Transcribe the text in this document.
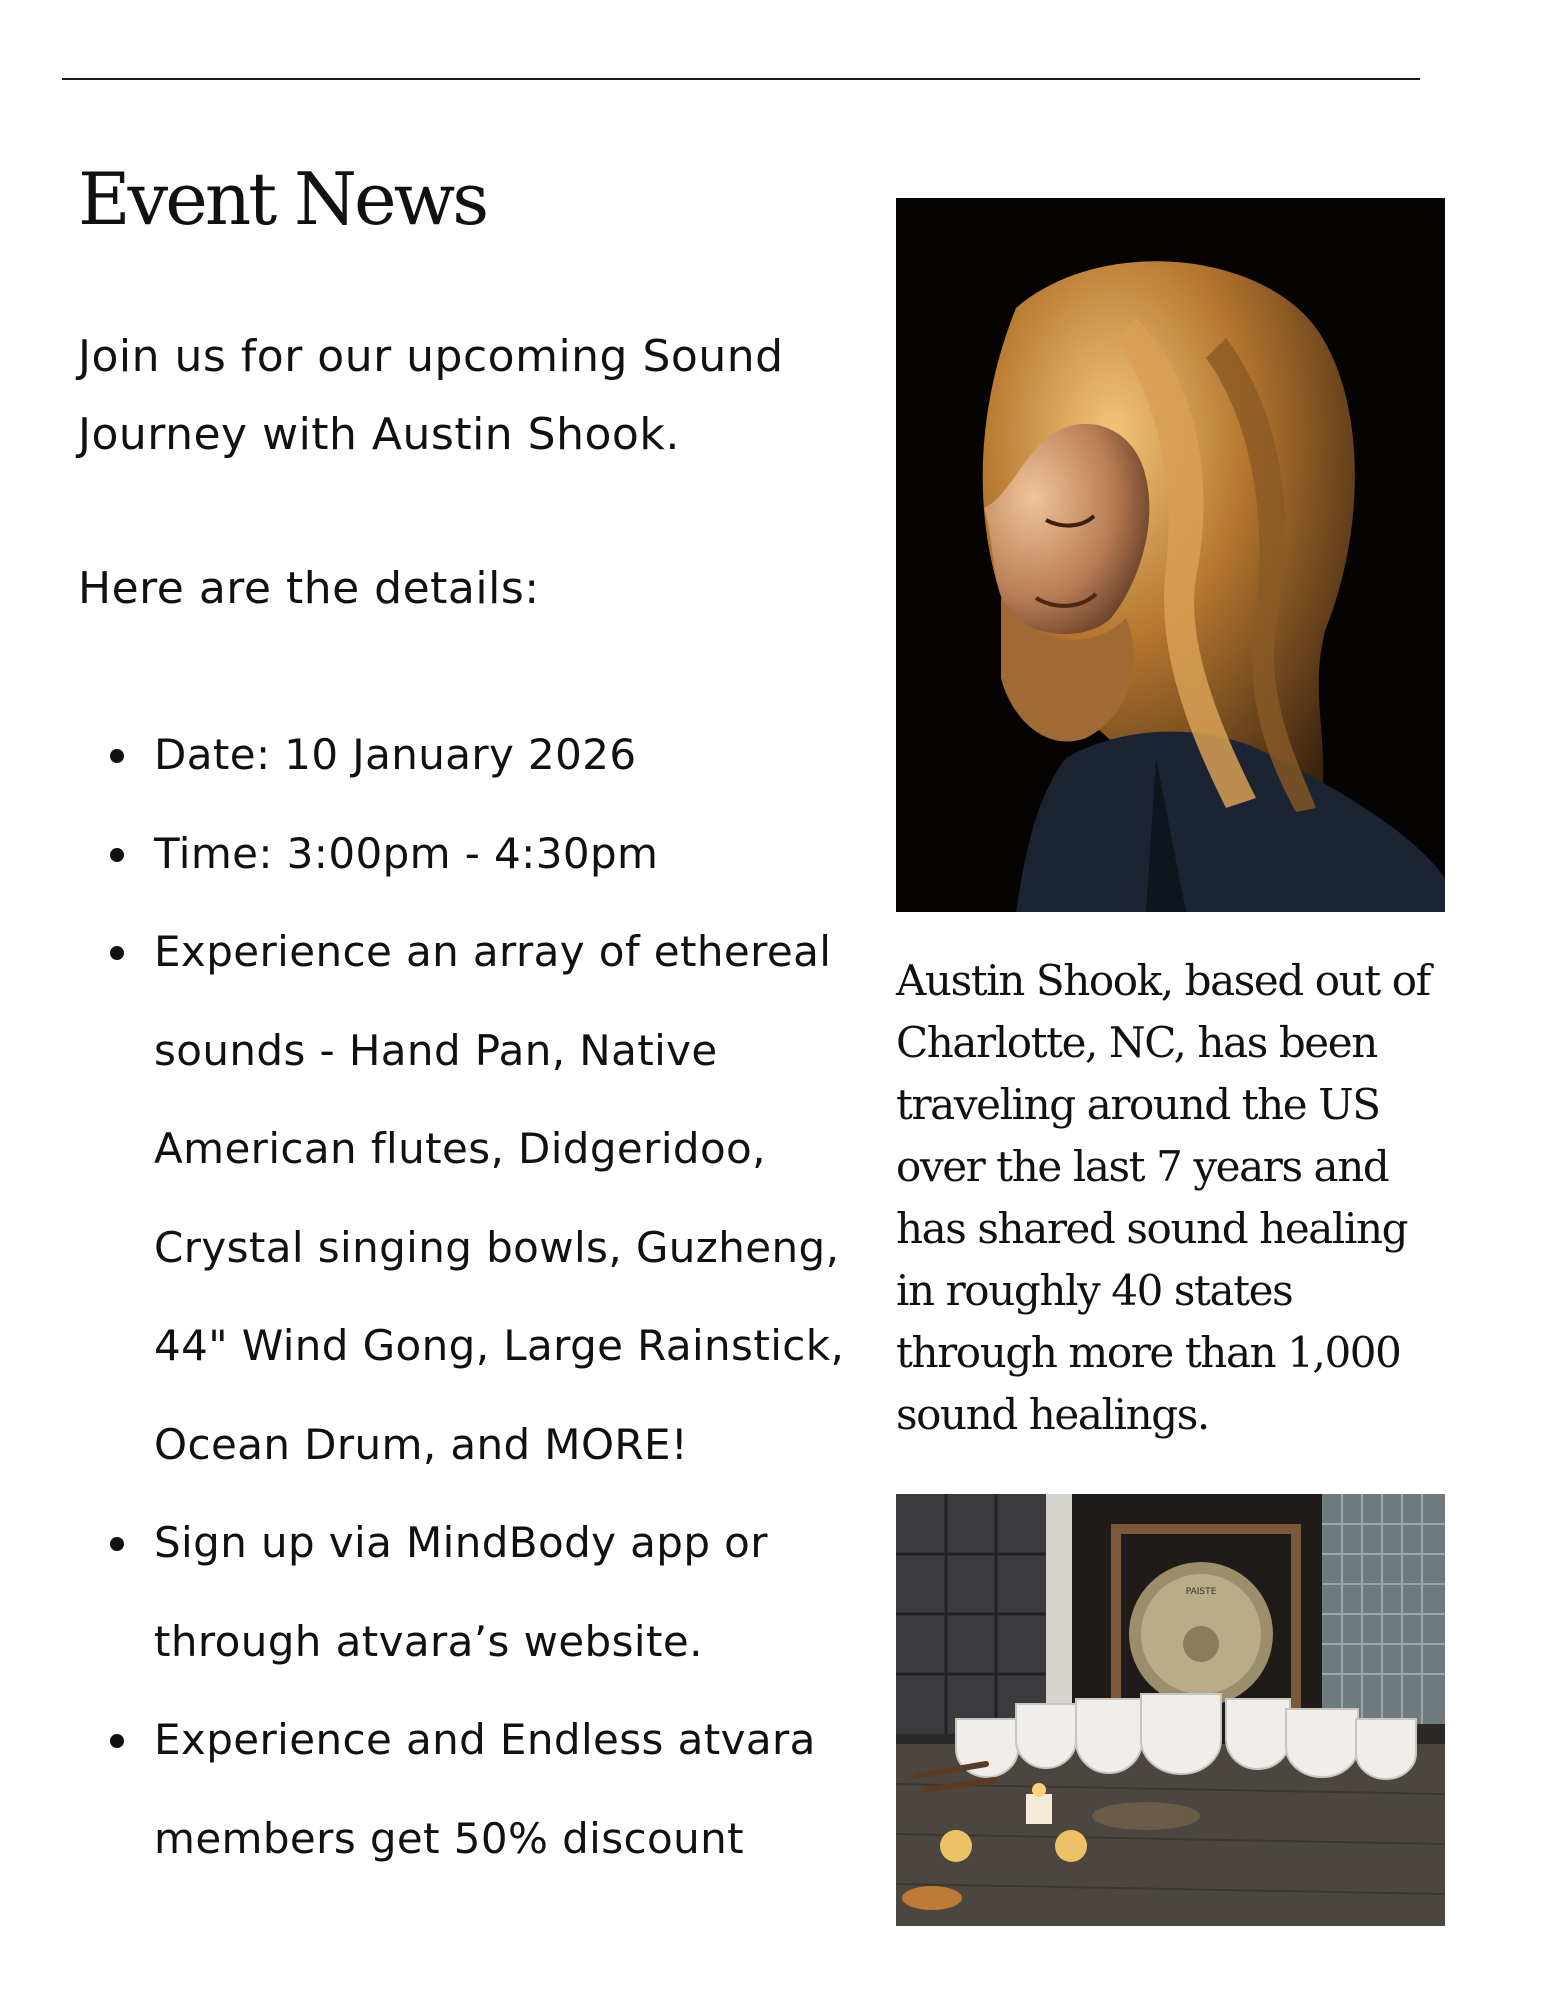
Event News

Join us for our upcoming Sound Journey with Austin Shook.

Here are the details:

Date: 10 January 2026
Time: 3:00pm - 4:30pm
Experience an array of ethereal sounds - Hand Pan, Native American flutes, Didgeridoo, Crystal singing bowls, Guzheng, 44" Wind Gong, Large Rainstick, Ocean Drum, and MORE!
Sign up via MindBody app or through atvara’s website.
Experience and Endless atvara members get 50% discount

Austin Shook, based out of Charlotte, NC, has been traveling around the US over the last 7 years and has shared sound healing in roughly 40 states through more than 1,000 sound healings.

PAISTE
